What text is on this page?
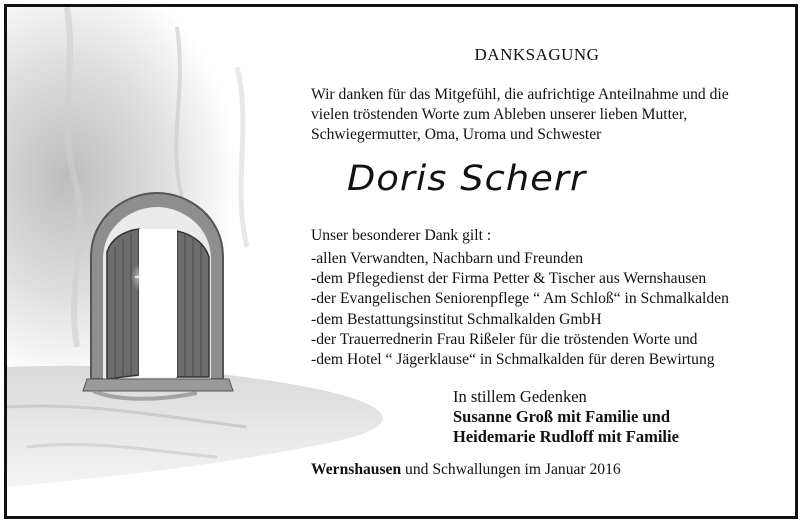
DANKSAGUNG
Wir danken für das Mitgefühl, die aufrichtige Anteilnahme und die
vielen tröstenden Worte zum Ableben unserer lieben Mutter,
Schwiegermutter, Oma, Uroma und Schwester
Doris Scherr
Unser besonderer Dank gilt :
-allen Verwandten, Nachbarn und Freunden
-dem Pflegedienst der Firma Petter & Tischer aus Wernshausen
-der Evangelischen Seniorenpflege “ Am Schloß“ in Schmalkalden
-dem Bestattungsinstitut Schmalkalden GmbH
-der Trauerrednerin Frau Rißeler für die tröstenden Worte und
-dem Hotel “ Jägerklause“ in Schmalkalden für deren Bewirtung
In stillem Gedenken
Susanne Groß mit Familie und
Heidemarie Rudloff mit Familie
Wernshausen und Schwallungen im Januar 2016
